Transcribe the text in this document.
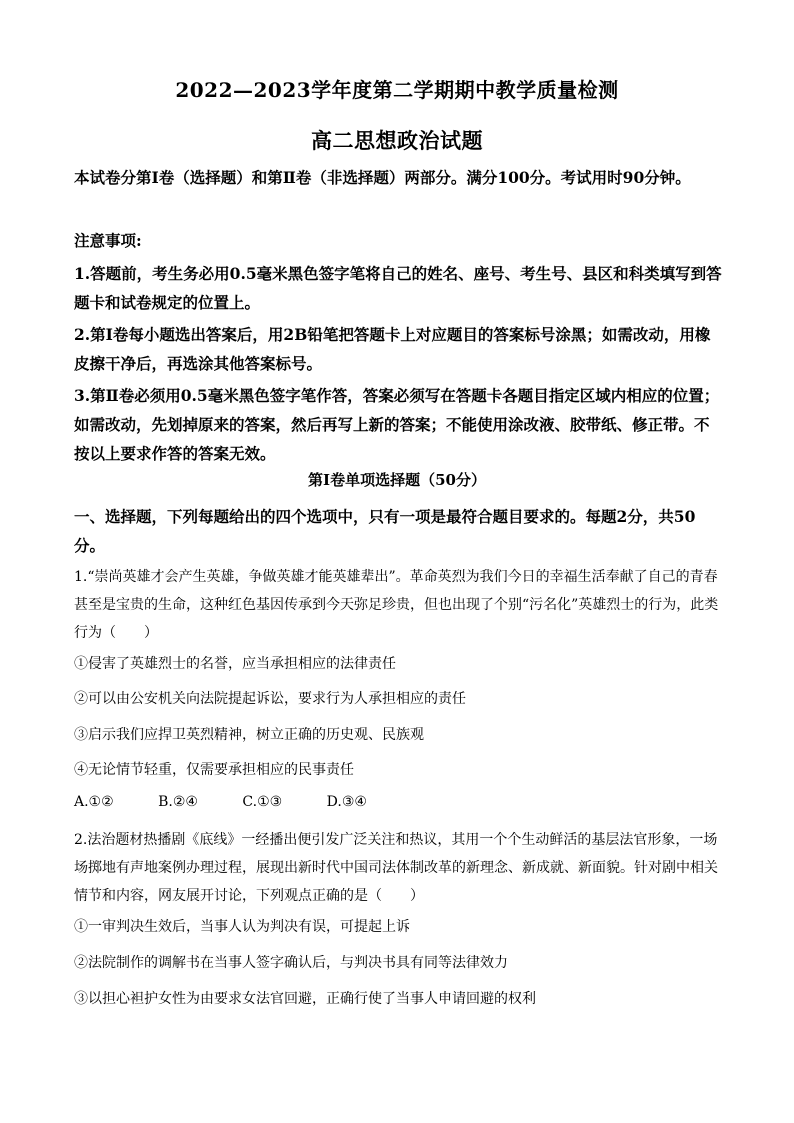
2022—2023学年度第二学期期中教学质量检测
高二思想政治试题
本试卷分第Ⅰ卷（选择题）和第Ⅱ卷（非选择题）两部分。满分100分。考试用时90分钟。
注意事项:
1.答题前，考生务必用0.5毫米黑色签字笔将自己的姓名、座号、考生号、县区和科类填写到答题卡和试卷规定的位置上。
2.第Ⅰ卷每小题选出答案后，用2B铅笔把答题卡上对应题目的答案标号涂黑；如需改动，用橡皮擦干净后，再选涂其他答案标号。
3.第Ⅱ卷必须用0.5毫米黑色签字笔作答，答案必须写在答题卡各题目指定区域内相应的位置；如需改动，先划掉原来的答案，然后再写上新的答案；不能使用涂改液、胶带纸、修正带。不按以上要求作答的答案无效。
第Ⅰ卷单项选择题（50分）
一、选择题，下列每题给出的四个选项中，只有一项是最符合题目要求的。每题2分，共50分。
1.“崇尚英雄才会产生英雄，争做英雄才能英雄辈出”。革命英烈为我们今日的幸福生活奉献了自己的青春甚至是宝贵的生命，这种红色基因传承到今天弥足珍贵，但也出现了个别“污名化”英雄烈士的行为，此类行为（　　）
①侵害了英雄烈士的名誉，应当承担相应的法律责任
②可以由公安机关向法院提起诉讼，要求行为人承担相应的责任
③启示我们应捍卫英烈精神，树立正确的历史观、民族观
④无论情节轻重，仅需要承担相应的民事责任
A.①②	B.②④	C.①③	D.③④
2.法治题材热播剧《底线》一经播出便引发广泛关注和热议，其用一个个生动鲜活的基层法官形象，一场场掷地有声地案例办理过程，展现出新时代中国司法体制改革的新理念、新成就、新面貌。针对剧中相关情节和内容，网友展开讨论，下列观点正确的是（　　）
①一审判决生效后，当事人认为判决有误，可提起上诉
②法院制作的调解书在当事人签字确认后，与判决书具有同等法律效力
③以担心袒护女性为由要求女法官回避，正确行使了当事人申请回避的权利
